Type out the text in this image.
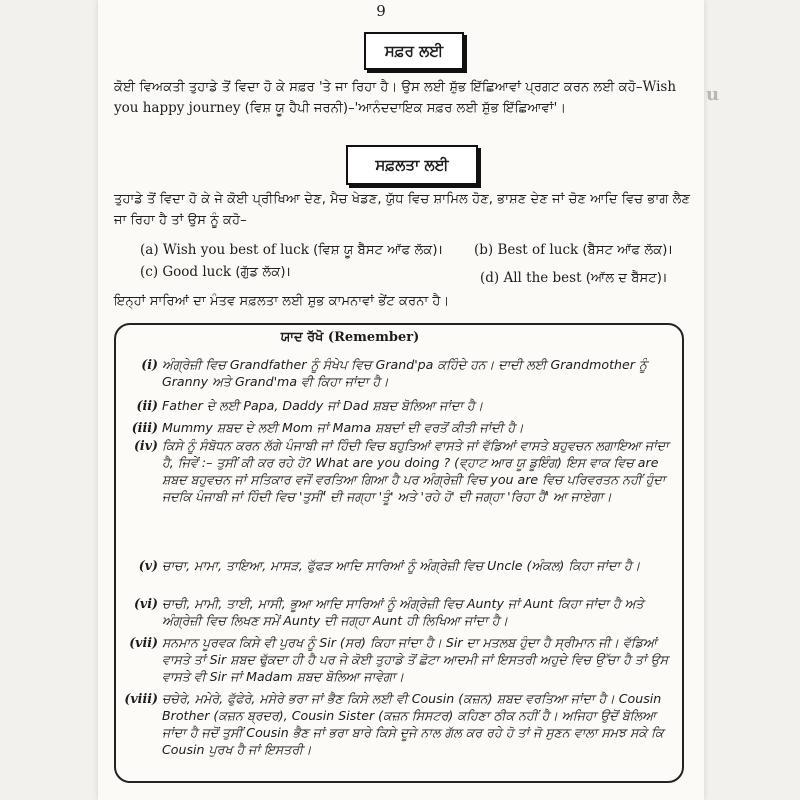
u
9
ਸਫ਼ਰ ਲਈ

ਕੋਈ ਵਿਅਕਤੀ ਤੁਹਾਡੇ ਤੋਂ ਵਿਦਾ ਹੋ ਕੇ ਸਫ਼ਰ 'ਤੇ ਜਾ ਰਿਹਾ ਹੈ। ਉਸ ਲਈ ਸ਼ੁੱਭ ਇੱਛਿਆਵਾਂ ਪ੍ਰਗਟ ਕਰਨ ਲਈ ਕਹੋ–Wish you happy journey (ਵਿਸ਼ ਯੂ ਹੈਪੀ ਜਰਨੀ)–'ਆਨੰਦਦਾਇਕ ਸਫ਼ਰ ਲਈ ਸ਼ੁੱਭ ਇੱਛਿਆਵਾਂ'।

ਸਫ਼ਲਤਾ ਲਈ

ਤੁਹਾਡੇ ਤੋਂ ਵਿਦਾ ਹੋ ਕੇ ਜੇ ਕੋਈ ਪ੍ਰੀਖਿਆ ਦੇਣ, ਮੈਚ ਖੇਡਣ, ਯੁੱਧ ਵਿਚ ਸ਼ਾਮਿਲ ਹੋਣ, ਭਾਸ਼ਣ ਦੇਣ ਜਾਂ ਚੋਣ ਆਦਿ ਵਿਚ ਭਾਗ ਲੈਣ ਜਾ ਰਿਹਾ ਹੈ ਤਾਂ ਉਸ ਨੂੰ ਕਹੋ–

(a) Wish you best of luck (ਵਿਸ਼ ਯੂ ਬੈੱਸਟ ਆੱਫ ਲੱਕ)। (b) Best of luck (ਬੈੱਸਟ ਆੱਫ ਲੱਕ)।
(c) Good luck (ਗੁੱਡ ਲੱਕ)।	(d) All the best (ਆੱਲ ਦ ਬੈੱਸਟ)।

ਇਨ੍ਹਾਂ ਸਾਰਿਆਂ ਦਾ ਮੰਤਵ ਸਫ਼ਲਤਾ ਲਈ ਸ਼ੁਭ ਕਾਮਨਾਵਾਂ ਭੇਂਟ ਕਰਨਾ ਹੈ।

ਯਾਦ ਰੱਖੋ (Remember)
(i) ਅੰਗ੍ਰੇਜ਼ੀ ਵਿਚ Grandfather ਨੂੰ ਸੰਖੇਪ ਵਿਚ Grand'pa ਕਹਿੰਦੇ ਹਨ। ਦਾਦੀ ਲਈ Grandmother ਨੂੰ Granny ਅਤੇ Grand'ma ਵੀ ਕਿਹਾ ਜਾਂਦਾ ਹੈ।
(ii) Father ਦੇ ਲਈ Papa, Daddy ਜਾਂ Dad ਸ਼ਬਦ ਬੋਲਿਆ ਜਾਂਦਾ ਹੈ।
(iii) Mummy ਸ਼ਬਦ ਦੇ ਲਈ Mom ਜਾਂ Mama ਸ਼ਬਦਾਂ ਦੀ ਵਰਤੋਂ ਕੀਤੀ ਜਾਂਦੀ ਹੈ।
(iv) ਕਿਸੇ ਨੂੰ ਸੰਬੋਧਨ ਕਰਨ ਲੱਗੇ ਪੰਜਾਬੀ ਜਾਂ ਹਿੰਦੀ ਵਿਚ ਬਹੁਤਿਆਂ ਵਾਸਤੇ ਜਾਂ ਵੱਡਿਆਂ ਵਾਸਤੇ ਬਹੁਵਚਨ ਲਗਾਇਆ ਜਾਂਦਾ ਹੈ, ਜਿਵੇਂ :– ਤੁਸੀਂ ਕੀ ਕਰ ਰਹੇ ਹੋ? What are you doing ? (ਵ੍ਹਾਟ ਆਰ ਯੂ ਡੂਇੰਗ) ਇਸ ਵਾਕ ਵਿਚ are ਸ਼ਬਦ ਬਹੁਵਚਨ ਜਾਂ ਸਤਿਕਾਰ ਵਜੋਂ ਵਰਤਿਆ ਗਿਆ ਹੈ ਪਰ ਅੰਗ੍ਰੇਜ਼ੀ ਵਿਚ you are ਵਿਚ ਪਰਿਵਰਤਨ ਨਹੀਂ ਹੁੰਦਾ ਜਦਕਿ ਪੰਜਾਬੀ ਜਾਂ ਹਿੰਦੀ ਵਿਚ 'ਤੁਸੀਂ' ਦੀ ਜਗ੍ਹਾ 'ਤੂੰ' ਅਤੇ 'ਰਹੇ ਹੋ' ਦੀ ਜਗ੍ਹਾ 'ਰਿਹਾ ਹੈਂ' ਆ ਜਾਏਗਾ।
(v) ਚਾਚਾ, ਮਾਮਾ, ਤਾਇਆ, ਮਾਸੜ, ਫੁੱਫੜ ਆਦਿ ਸਾਰਿਆਂ ਨੂੰ ਅੰਗ੍ਰੇਜ਼ੀ ਵਿਚ Uncle (ਅੰਕਲ) ਕਿਹਾ ਜਾਂਦਾ ਹੈ।
(vi) ਚਾਚੀ, ਮਾਮੀ, ਤਾਈ, ਮਾਸੀ, ਭੂਆ ਆਦਿ ਸਾਰਿਆਂ ਨੂੰ ਅੰਗ੍ਰੇਜ਼ੀ ਵਿਚ Aunty ਜਾਂ Aunt ਕਿਹਾ ਜਾਂਦਾ ਹੈ ਅਤੇ ਅੰਗ੍ਰੇਜ਼ੀ ਵਿਚ ਲਿਖਣ ਸਮੇਂ Aunty ਦੀ ਜਗ੍ਹਾ Aunt ਹੀ ਲਿਖਿਆ ਜਾਂਦਾ ਹੈ।
(vii) ਸਨਮਾਨ ਪੂਰਵਕ ਕਿਸੇ ਵੀ ਪੁਰਖ ਨੂੰ Sir (ਸਰ) ਕਿਹਾ ਜਾਂਦਾ ਹੈ। Sir ਦਾ ਮਤਲਬ ਹੁੰਦਾ ਹੈ ਸ੍ਰੀਮਾਨ ਜੀ। ਵੱਡਿਆਂ ਵਾਸਤੇ ਤਾਂ Sir ਸ਼ਬਦ ਢੁੱਕਦਾ ਹੀ ਹੈ ਪਰ ਜੇ ਕੋਈ ਤੁਹਾਡੇ ਤੋਂ ਛੋਟਾ ਆਦਮੀ ਜਾਂ ਇਸਤਰੀ ਅਹੁਦੇ ਵਿਚ ਉੱਚਾ ਹੈ ਤਾਂ ਉਸ ਵਾਸਤੇ ਵੀ Sir ਜਾਂ Madam ਸ਼ਬਦ ਬੋਲਿਆ ਜਾਵੇਗਾ।
(viii) ਚਚੇਰੇ, ਮਮੇਰੇ, ਫੁੱਫੇਰੇ, ਮਸੇਰੇ ਭਰਾ ਜਾਂ ਭੈਣ ਕਿਸੇ ਲਈ ਵੀ Cousin (ਕਜ਼ਨ) ਸ਼ਬਦ ਵਰਤਿਆ ਜਾਂਦਾ ਹੈ। Cousin Brother (ਕਜ਼ਨ ਬ੍ਰਦਰ), Cousin Sister (ਕਜ਼ਨ ਸਿਸਟਰ) ਕਹਿਣਾ ਠੀਕ ਨਹੀਂ ਹੈ। ਅਜਿਹਾ ਉਦੋਂ ਬੋਲਿਆ ਜਾਂਦਾ ਹੈ ਜਦੋਂ ਤੁਸੀਂ Cousin ਭੈਣ ਜਾਂ ਭਰਾ ਬਾਰੇ ਕਿਸੇ ਦੂਜੇ ਨਾਲ ਗੱਲ ਕਰ ਰਹੇ ਹੋ ਤਾਂ ਜੋ ਸੁਣਨ ਵਾਲਾ ਸਮਝ ਸਕੇ ਕਿ Cousin ਪੁਰਖ ਹੈ ਜਾਂ ਇਸਤਰੀ।
